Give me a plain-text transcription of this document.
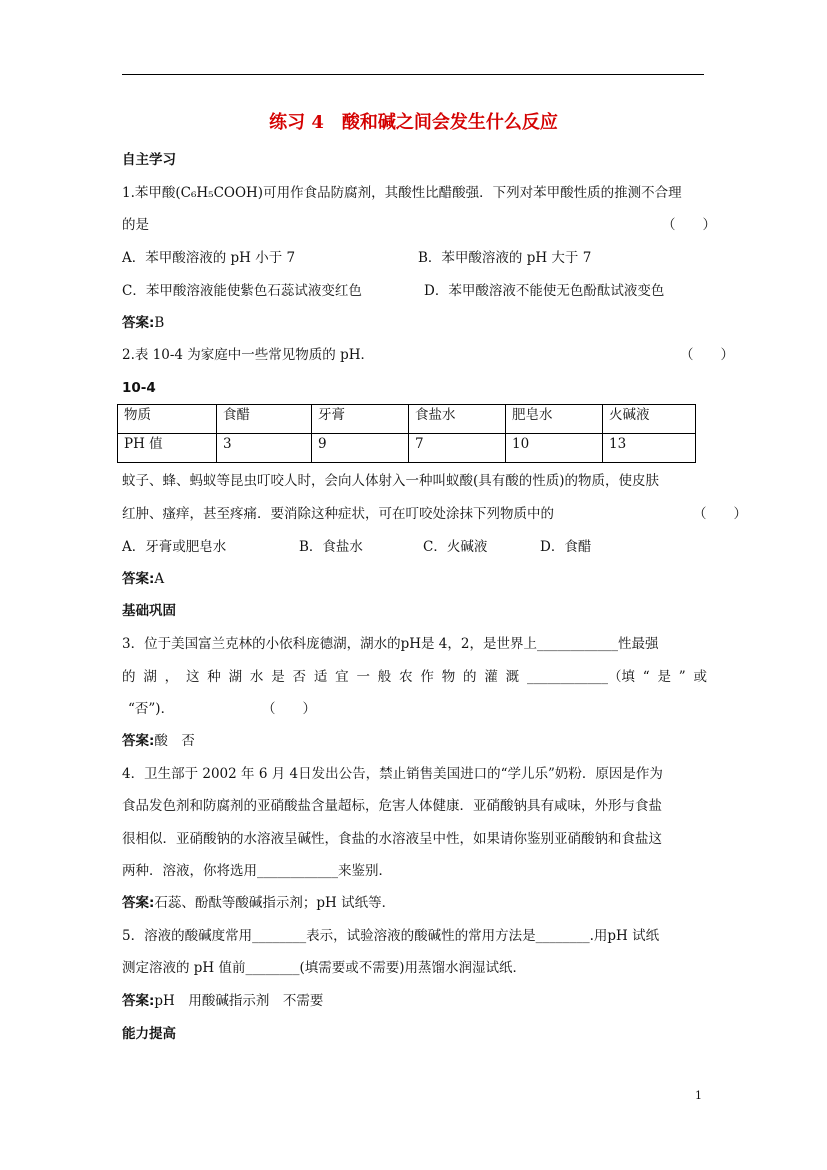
练习 4　酸和碱之间会发生什么反应
自主学习
1.苯甲酸(C₆H₅COOH)可用作食品防腐剂，其酸性比醋酸强．下列对苯甲酸性质的推测不合理
的是	（　　）
A．苯甲酸溶液的 pH 小于 7	B．苯甲酸溶液的 pH 大于 7
C．苯甲酸溶液能使紫色石蕊试液变红色	D．苯甲酸溶液不能使无色酚酞试液变色
答案:B
2.表 10-4 为家庭中一些常见物质的 pH．	（　　）
10-4
物质	食醋	牙膏	食盐水	肥皂水	火碱液
PH 值	3	9	7	10	13
蚊子、蜂、蚂蚁等昆虫叮咬人时，会向人体射入一种叫蚁酸(具有酸的性质)的物质，使皮肤
红肿、瘙痒，甚至疼痛．要消除这种症状，可在叮咬处涂抹下列物质中的	（　　）
A．牙膏或肥皂水	B．食盐水	C．火碱液	D．食醋
答案:A
基础巩固
3．位于美国富兰克林的小依科庞德湖，湖水的pH是 4，2，是世界上____________性最强
的 湖 ， 这 种 湖 水 是 否 适 宜 一 般 农 作 物 的 灌 溉 ____________（填 “ 是 ” 或
“否”)．	（　　）
答案:酸　否
4．卫生部于 2002 年 6 月 4日发出公告，禁止销售美国进口的“学儿乐”奶粉．原因是作为
食品发色剂和防腐剂的亚硝酸盐含量超标，危害人体健康．亚硝酸钠具有咸味，外形与食盐
很相似．亚硝酸钠的水溶液呈碱性，食盐的水溶液呈中性，如果请你鉴别亚硝酸钠和食盐这
两种．溶液，你将选用____________来鉴别．
答案:石蕊、酚酞等酸碱指示剂；pH 试纸等．
5．溶液的酸碱度常用________表示，试验溶液的酸碱性的常用方法是________.用pH 试纸
测定溶液的 pH 值前________(填需要或不需要)用蒸馏水润湿试纸．
答案:pH　用酸碱指示剂　不需要
能力提高
1
